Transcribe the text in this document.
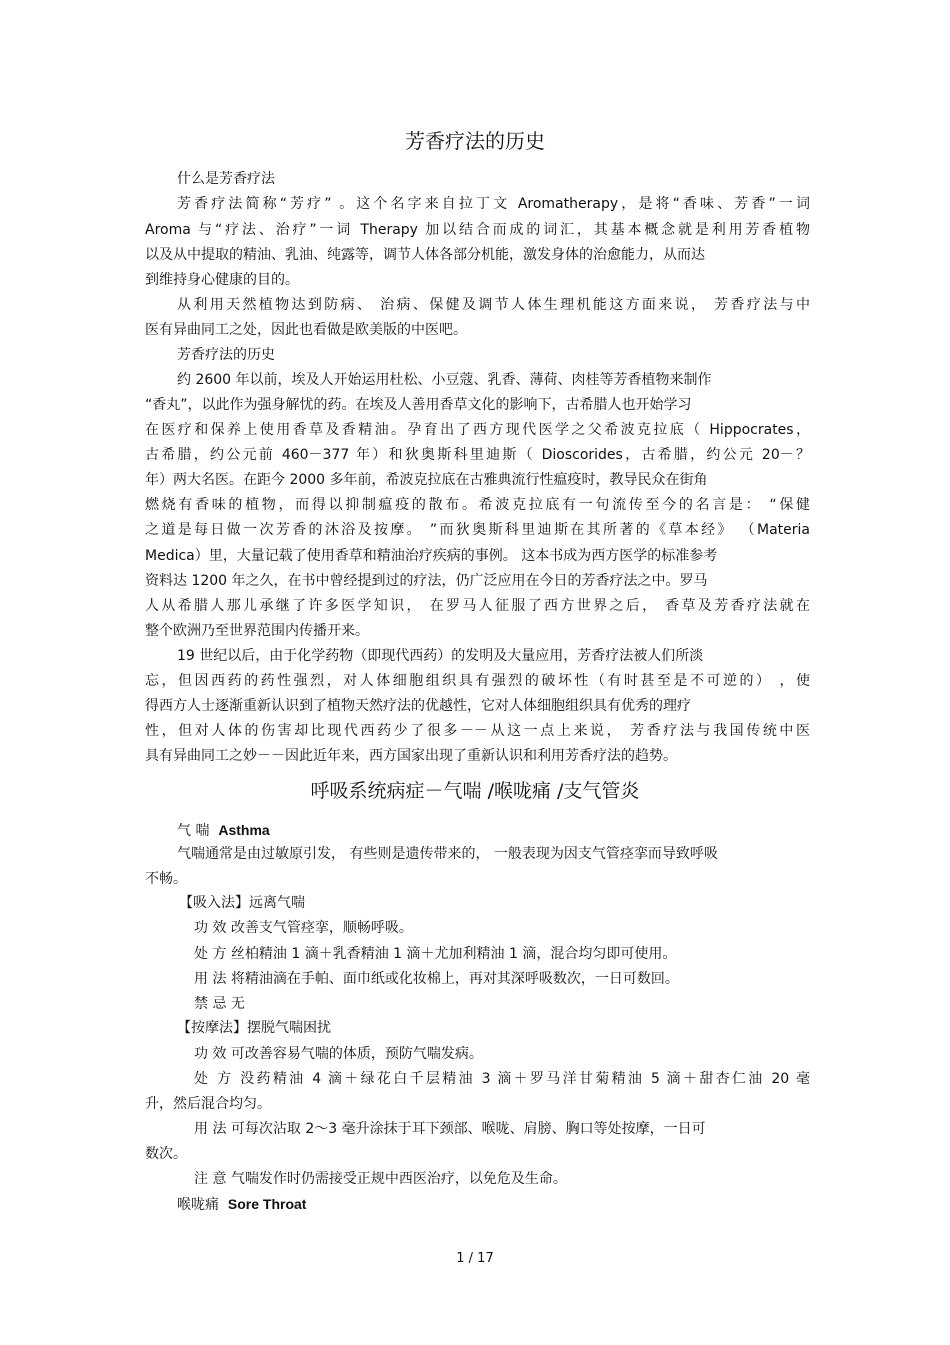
芳香疗法的历史

什么是芳香疗法

芳香疗法简称“芳疗” 。这个名字来自拉丁文 Aromatherapy，是将“香味、芳香”一词

Aroma 与“疗法、治疗”一词 Therapy 加以结合而成的词汇，其基本概念就是利用芳香植物

以及从中提取的精油、乳油、纯露等，调节人体各部分机能，激发身体的治愈能力，从而达

到维持身心健康的目的。

从利用天然植物达到防病、 治病、保健及调节人体生理机能这方面来说， 芳香疗法与中

医有异曲同工之处，因此也看做是欧美版的中医吧。

芳香疗法的历史

约 2600 年以前，埃及人开始运用杜松、小豆蔻、乳香、薄荷、肉桂等芳香植物来制作

“香丸”，以此作为强身解忧的药。在埃及人善用香草文化的影响下，古希腊人也开始学习

在医疗和保养上使用香草及香精油。孕育出了西方现代医学之父希波克拉底（ Hippocrates，

古希腊，约公元前 460－377 年）和狄奥斯科里迪斯（ Dioscorides，古希腊，约公元 20－？

年）两大名医。在距今 2000 多年前，希波克拉底在古雅典流行性瘟疫时，教导民众在街角

燃烧有香味的植物，而得以抑制瘟疫的散布。希波克拉底有一句流传至今的名言是： “保健

之道是每日做一次芳香的沐浴及按摩。 ”而狄奥斯科里迪斯在其所著的《草本经》 （Materia

Medica）里，大量记载了使用香草和精油治疗疾病的事例。 这本书成为西方医学的标准参考

资料达 1200 年之久，在书中曾经提到过的疗法，仍广泛应用在今日的芳香疗法之中。罗马

人从希腊人那儿承继了许多医学知识， 在罗马人征服了西方世界之后， 香草及芳香疗法就在

整个欧洲乃至世界范围内传播开来。

19 世纪以后，由于化学药物（即现代西药）的发明及大量应用，芳香疗法被人们所淡

忘，但因西药的药性强烈，对人体细胞组织具有强烈的破坏性（有时甚至是不可逆的） ，使

得西方人士逐渐重新认识到了植物天然疗法的优越性，它对人体细胞组织具有优秀的理疗

性，但对人体的伤害却比现代西药少了很多－－从这一点上来说， 芳香疗法与我国传统中医

具有异曲同工之妙－－因此近年来，西方国家出现了重新认识和利用芳香疗法的趋势。

呼吸系统病症－气喘 /喉咙痛 /支气管炎

气 喘 Asthma

气喘通常是由过敏原引发， 有些则是遗传带来的， 一般表现为因支气管痉挛而导致呼吸

不畅。

【吸入法】远离气喘

功 效 改善支气管痉挛，顺畅呼吸。

处 方 丝柏精油 1 滴＋乳香精油 1 滴＋尤加利精油 1 滴，混合均匀即可使用。

用 法 将精油滴在手帕、面巾纸或化妆棉上，再对其深呼吸数次，一日可数回。

禁 忌 无

【按摩法】摆脱气喘困扰

功 效 可改善容易气喘的体质，预防气喘发病。

处 方 没药精油 4 滴＋绿花白千层精油 3 滴＋罗马洋甘菊精油 5 滴＋甜杏仁油 20 毫

升，然后混合均匀。

用 法 可每次沾取 2～3 毫升涂抹于耳下颈部、喉咙、肩膀、胸口等处按摩，一日可

数次。

注 意 气喘发作时仍需接受正规中西医治疗，以免危及生命。

喉咙痛 Sore Throat

1 / 17
